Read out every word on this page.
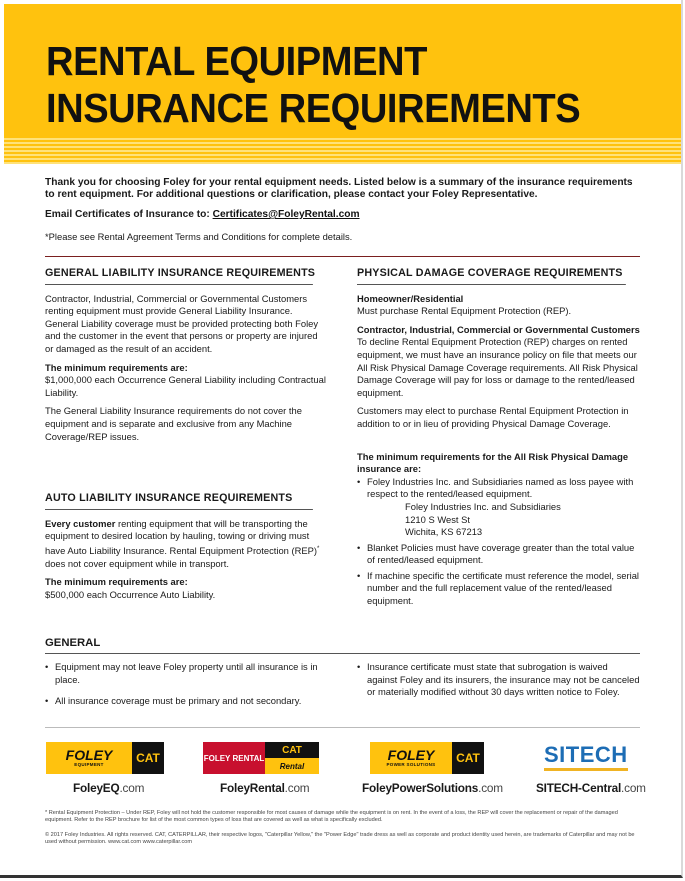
RENTAL EQUIPMENT
INSURANCE REQUIREMENTS
Thank you for choosing Foley for your rental equipment needs. Listed below is a summary of the insurance requirements to rent equipment. For additional questions or clarification, please contact your Foley Representative.
Email Certificates of Insurance to: Certificates@FoleyRental.com
*Please see Rental Agreement Terms and Conditions for complete details.
GENERAL LIABILITY INSURANCE REQUIREMENTS

Contractor, Industrial, Commercial or Governmental Customers renting equipment must provide General Liability Insurance. General Liability coverage must be provided protecting both Foley and the customer in the event that persons or property are injured or damaged as the result of an accident.

The minimum requirements are:

$1,000,000 each Occurrence General Liability including Contractual Liability.

The General Liability Insurance requirements do not cover the equipment and is separate and exclusive from any Machine Coverage/REP issues.

AUTO LIABILITY INSURANCE REQUIREMENTS

Every customer renting equipment that will be transporting the equipment to desired location by hauling, towing or driving must have Auto Liability Insurance. Rental Equipment Protection (REP)* does not cover equipment while in transport.

The minimum requirements are:

$500,000 each Occurrence Auto Liability.

PHYSICAL DAMAGE COVERAGE REQUIREMENTS

Homeowner/Residential

Must purchase Rental Equipment Protection (REP).

Contractor, Industrial, Commercial or Governmental Customers

To decline Rental Equipment Protection (REP) charges on rented equipment, we must have an insurance policy on file that meets our All Risk Physical Damage Coverage requirements. All Risk Physical Damage Coverage will pay for loss or damage to the rented/leased equipment.

Customers may elect to purchase Rental Equipment Protection in addition to or in lieu of providing Physical Damage Coverage.

The minimum requirements for the All Risk Physical Damage insurance are:

• Foley Industries Inc. and Subsidiaries named as loss payee with respect to the rented/leased equipment.
Foley Industries Inc. and Subsidiaries
1210 S West St
Wichita, KS 67213
• Blanket Policies must have coverage greater than the total value of rented/leased equipment.
• If machine specific the certificate must reference the model, serial number and the full replacement value of the rented/leased equipment.
GENERAL
• Equipment may not leave Foley property until all insurance is in place.
• All insurance coverage must be primary and not secondary.
• Insurance certificate must state that subrogation is waived against Foley and its insurers, the insurance may not be canceled or materially modified without 30 days written notice to Foley.
FOLEY
EQUIPMENT	CAT
FoleyEQ.com
FOLEY RENTAL
CAT
Rental
FoleyRental.com
FOLEY
POWER SOLUTIONS	CAT
FoleyPowerSolutions.com
SITECH
SITECH-Central.com
* Rental Equipment Protection – Under REP, Foley will not hold the customer responsible for most causes of damage while the equipment is on rent. In the event of a loss, the REP will cover the replacement or repair of the damaged equipment. Refer to the REP brochure for list of the most common types of loss that are covered as well as what is specifically excluded.
© 2017 Foley Industries. All rights reserved. CAT, CATERPILLAR, their respective logos, "Caterpillar Yellow," the "Power Edge" trade dress as well as corporate and product identity used herein, are trademarks of Caterpillar and may not be used without permission. www.cat.com www.caterpillar.com
